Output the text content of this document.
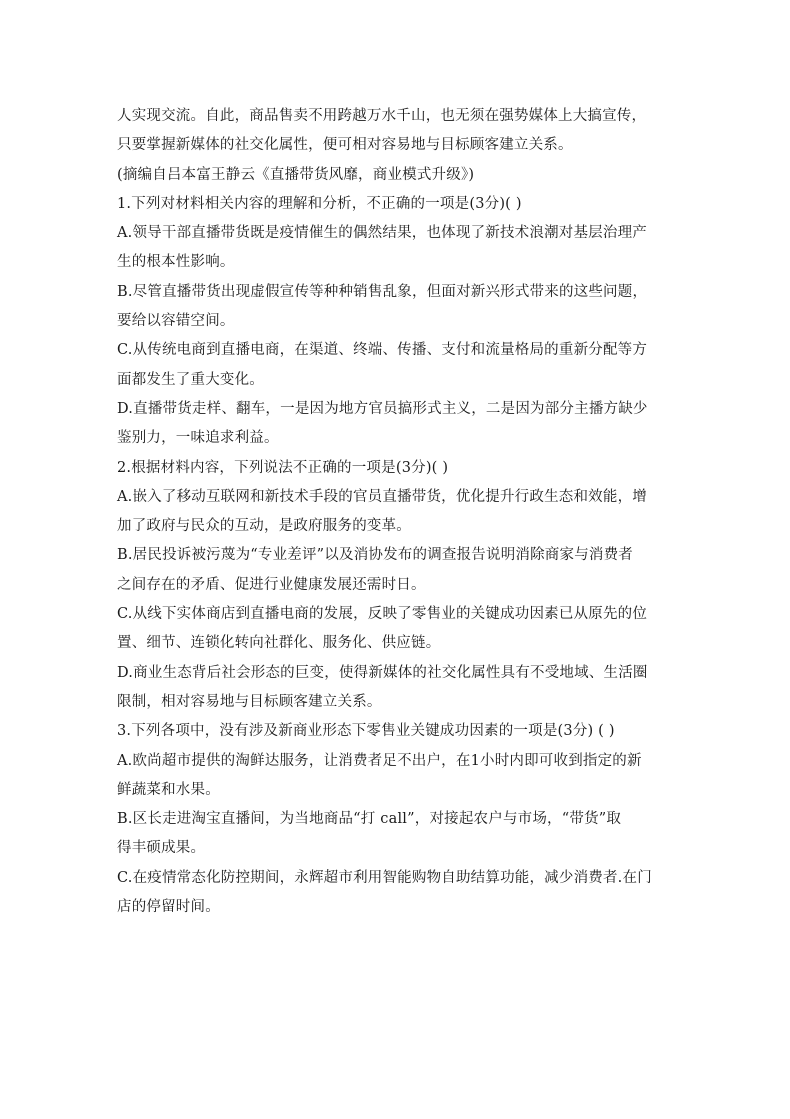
人实现交流。自此，商品售卖不用跨越万水千山，也无须在强势媒体上大搞宣传，
只要掌握新媒体的社交化属性，便可相对容易地与目标顾客建立关系。
(摘编自吕本富王静云《直播带货风靡，商业模式升级》)
1.下列对材料相关内容的理解和分析，不正确的一项是(3分)( )
A.领导干部直播带货既是疫情催生的偶然结果，也体现了新技术浪潮对基层治理产
生的根本性影响。
B.尽管直播带货出现虚假宣传等种种销售乱象，但面对新兴形式带来的这些问题，
要给以容错空间。
C.从传统电商到直播电商，在渠道、终端、传播、支付和流量格局的重新分配等方
面都发生了重大变化。
D.直播带货走样、翻车，一是因为地方官员搞形式主义，二是因为部分主播方缺少
鉴别力，一味追求利益。
2.根据材料内容，下列说法不正确的一项是(3分)( )
A.嵌入了移动互联网和新技术手段的官员直播带货，优化提升行政生态和效能，增
加了政府与民众的互动，是政府服务的变革。
B.居民投诉被污蔑为“专业差评”以及消协发布的调查报告说明消除商家与消费者
之间存在的矛盾、促进行业健康发展还需时日。
C.从线下实体商店到直播电商的发展，反映了零售业的关键成功因素已从原先的位
置、细节、连锁化转向社群化、服务化、供应链。
D.商业生态背后社会形态的巨变，使得新媒体的社交化属性具有不受地域、生活圈
限制，相对容易地与目标顾客建立关系。
3.下列各项中，没有涉及新商业形态下零售业关键成功因素的一项是(3分) ( )
A.欧尚超市提供的淘鲜达服务，让消费者足不出户，在1小时内即可收到指定的新
鲜蔬菜和水果。
B.区长走进淘宝直播间，为当地商品“打 call”，对接起农户与市场，“带货”取
得丰硕成果。
C.在疫情常态化防控期间，永辉超市利用智能购物自助结算功能，减少消费者.在门
店的停留时间。
